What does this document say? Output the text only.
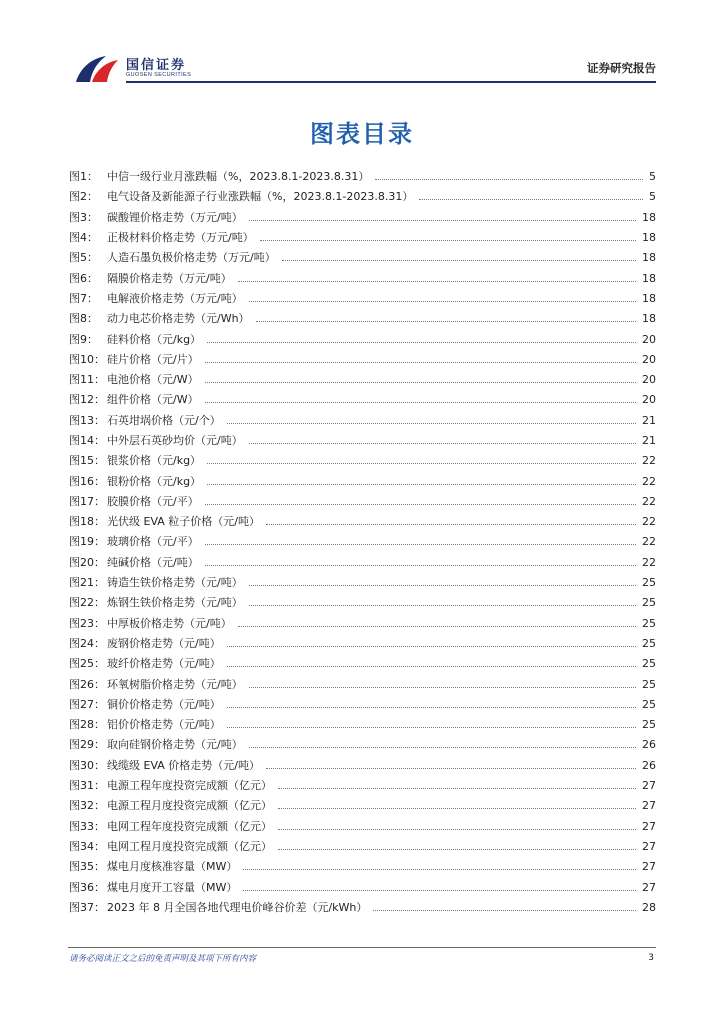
国信证券
GUOSEN SECURITIES	证券研究报告
图表目录
图1： 中信一级行业月涨跌幅（%，2023.8.1-2023.8.31）	5
图2： 电气设备及新能源子行业涨跌幅（%，2023.8.1-2023.8.31）	5
图3： 碳酸锂价格走势（万元/吨）	18
图4： 正极材料价格走势（万元/吨）	18
图5： 人造石墨负极价格走势（万元/吨）	18
图6： 隔膜价格走势（万元/吨）	18
图7： 电解液价格走势（万元/吨）	18
图8： 动力电芯价格走势（元/Wh）	18
图9： 硅料价格（元/kg）	20
图10： 硅片价格（元/片）	20
图11： 电池价格（元/W）	20
图12： 组件价格（元/W）	20
图13： 石英坩埚价格（元/个）	21
图14： 中外层石英砂均价（元/吨）	21
图15： 银浆价格（元/kg）	22
图16： 银粉价格（元/kg）	22
图17： 胶膜价格（元/平）	22
图18： 光伏级 EVA 粒子价格（元/吨）	22
图19： 玻璃价格（元/平）	22
图20： 纯碱价格（元/吨）	22
图21： 铸造生铁价格走势（元/吨）	25
图22： 炼钢生铁价格走势（元/吨）	25
图23： 中厚板价格走势（元/吨）	25
图24： 废钢价格走势（元/吨）	25
图25： 玻纤价格走势（元/吨）	25
图26： 环氧树脂价格走势（元/吨）	25
图27： 铜价价格走势（元/吨）	25
图28： 铝价价格走势（元/吨）	25
图29： 取向硅钢价格走势（元/吨）	26
图30： 线缆级 EVA 价格走势（元/吨）	26
图31： 电源工程年度投资完成额（亿元）	27
图32： 电源工程月度投资完成额（亿元）	27
图33： 电网工程年度投资完成额（亿元）	27
图34： 电网工程月度投资完成额（亿元）	27
图35： 煤电月度核准容量（MW）	27
图36： 煤电月度开工容量（MW）	27
图37： 2023 年 8 月全国各地代理电价峰谷价差（元/kWh）	28
请务必阅读正文之后的免责声明及其项下所有内容	3
